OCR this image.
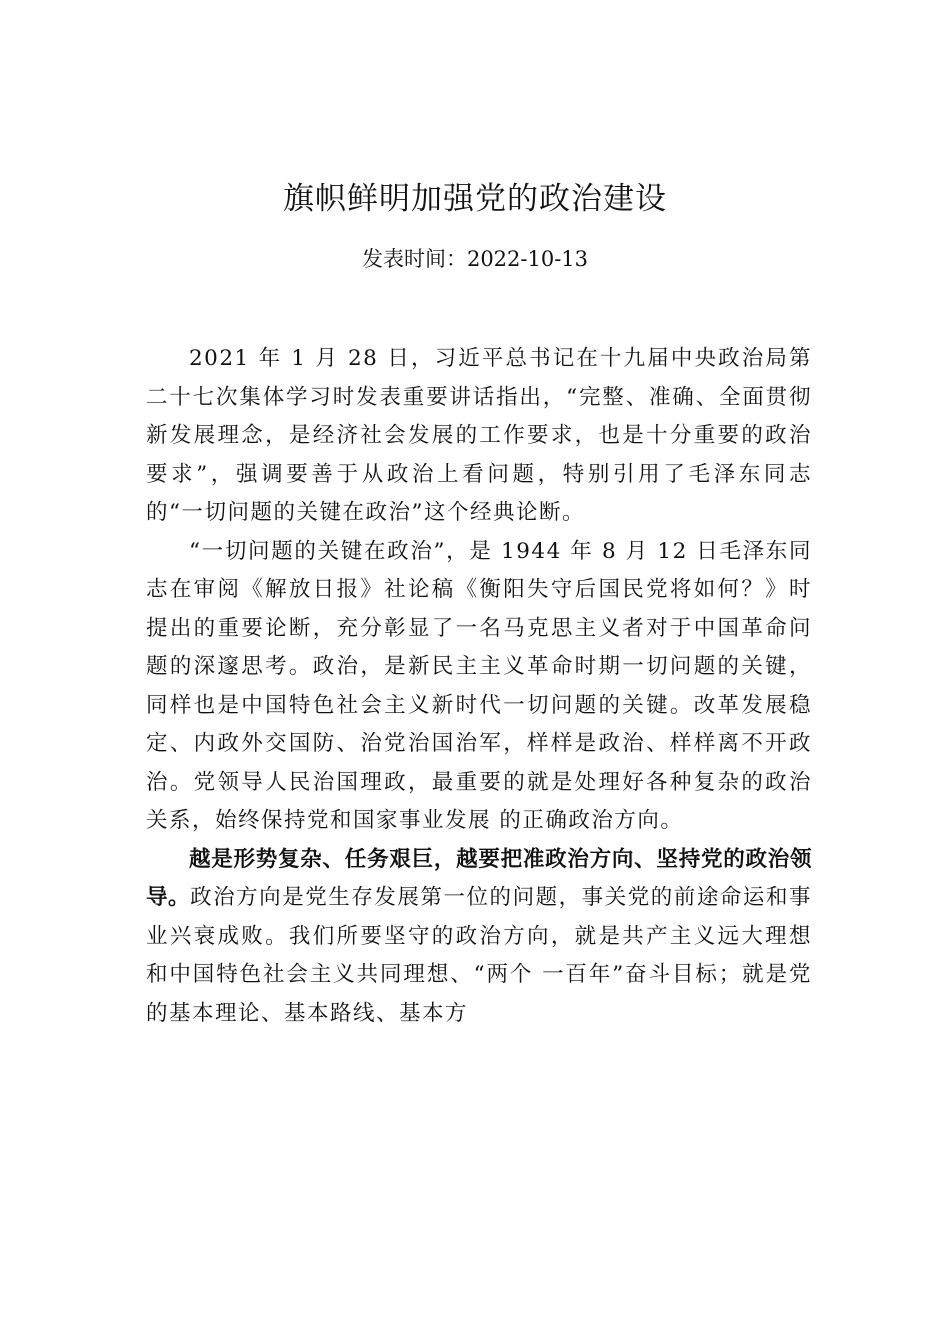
旗帜鲜明加强党的政治建设
发表时间：2022-10-13

2021 年 1 月 28 日，习近平总书记在十九届中央政治局第二十七次集体学习时发表重要讲话指出，“完整、准确、全面贯彻新发展理念，是经济社会发展的工作要求，也是十分重要的政治要求”，强调要善于从政治上看问题，特别引用了毛泽东同志的“一切问题的关键在政治”这个经典论断。

“一切问题的关键在政治”，是 1944 年 8 月 12 日毛泽东同志在审阅《解放日报》社论稿《衡阳失守后国民党将如何？》时提出的重要论断，充分彰显了一名马克思主义者对于中国革命问题的深邃思考。政治，是新民主主义革命时期一切问题的关键，同样也是中国特色社会主义新时代一切问题的关键。改革发展稳定、内政外交国防、治党治国治军，样样是政治、样样离不开政治。党领导人民治国理政，最重要的就是处理好各种复杂的政治关系，始终保持党和国家事业发展 的正确政治方向。

越是形势复杂、任务艰巨，越要把准政治方向、坚持党的政治领导。政治方向是党生存发展第一位的问题，事关党的前途命运和事业兴衰成败。我们所要坚守的政治方向，就是共产主义远大理想和中国特色社会主义共同理想、“两个 一百年”奋斗目标；就是党的基本理论、基本路线、基本方
